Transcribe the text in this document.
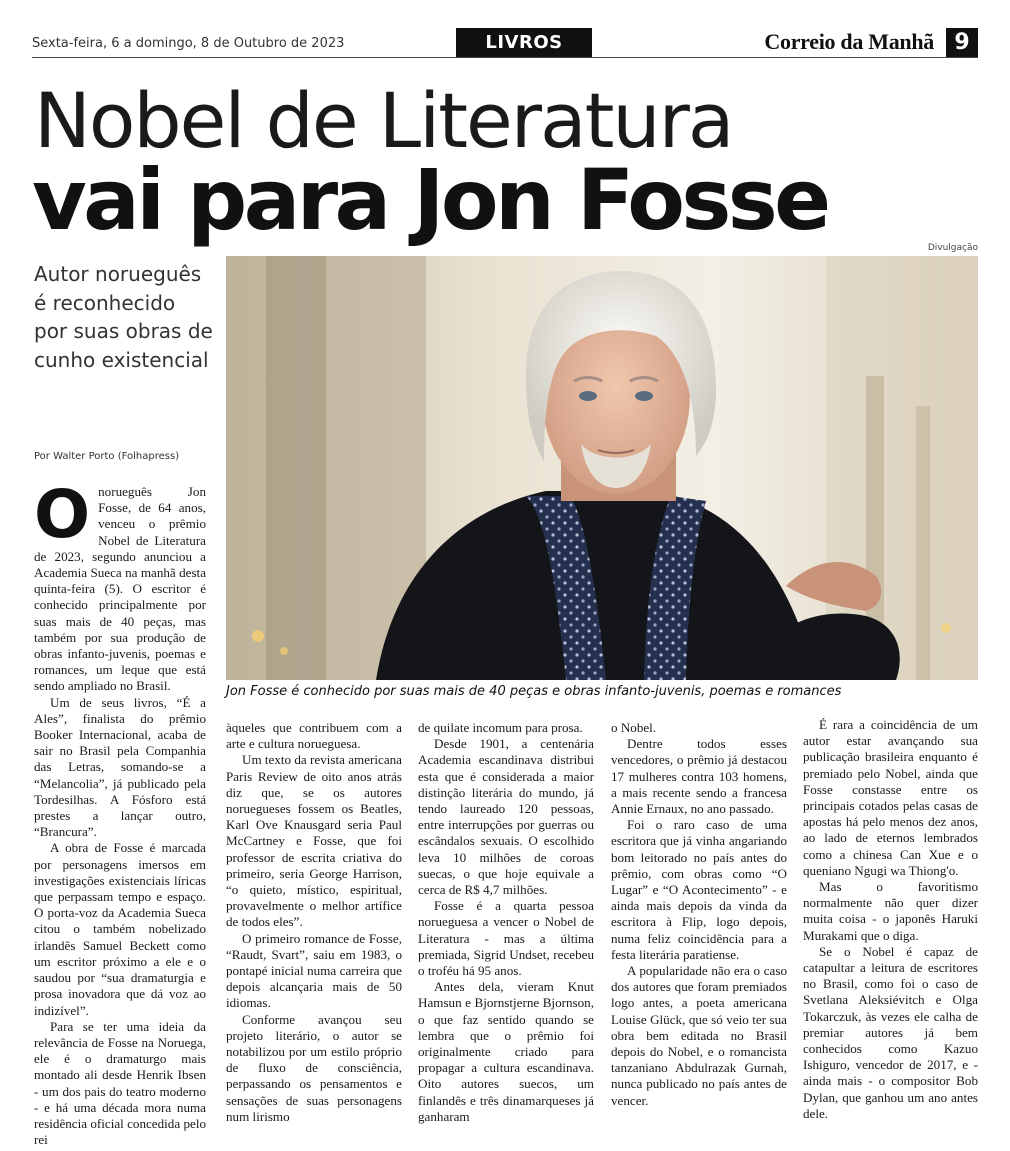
Sexta-feira, 6 a domingo, 8 de Outubro de 2023	LIVROS	Correio da Manhã 9
Nobel de Literatura
vai para Jon Fosse	Divulgação
Jon Fosse é conhecido por suas mais de 40 peças e obras infanto-juvenis, poemas e romances
Autor norueguês é reconhecido por suas obras de cunho existencial
Por Walter Porto (Folhapress)
O norueguês Jon Fosse, de 64 anos, venceu o prêmio Nobel de Literatura de 2023, segundo anunciou a Academia Sueca na manhã desta quinta-feira (5). O escritor é conhecido principalmente por suas mais de 40 peças, mas também por sua produção de obras infanto-juvenis, poemas e romances, um leque que está sendo ampliado no Brasil.

Um de seus livros, “É a Ales”, finalista do prêmio Booker Internacional, acaba de sair no Brasil pela Companhia das Letras, somando-se a “Melancolia”, já publicado pela Tordesilhas. A Fósforo está prestes a lançar outro, “Brancura”.

A obra de Fosse é marcada por personagens imersos em investigações existenciais líricas que perpassam tempo e espaço. O porta-voz da Academia Sueca citou o também nobelizado irlandês Samuel Beckett como um escritor próximo a ele e o saudou por “sua dramaturgia e prosa inovadora que dá voz ao indizível”.

Para se ter uma ideia da relevância de Fosse na Noruega, ele é o dramaturgo mais montado ali desde Henrik Ibsen - um dos pais do teatro moderno - e há uma década mora numa residência oficial concedida pelo rei

àqueles que contribuem com a arte e cultura norueguesa.

Um texto da revista americana Paris Review de oito anos atrás diz que, se os autores noruegueses fossem os Beatles, Karl Ove Knausgard seria Paul McCartney e Fosse, que foi professor de escrita criativa do primeiro, seria George Harrison, “o quieto, místico, espiritual, provavelmente o melhor artífice de todos eles”.

O primeiro romance de Fosse, “Raudt, Svart”, saiu em 1983, o pontapé inicial numa carreira que depois alcançaria mais de 50 idiomas.

Conforme avançou seu projeto literário, o autor se notabilizou por um estilo próprio de fluxo de consciência, perpassando os pensamentos e sensações de suas personagens num lirismo

de quilate incomum para prosa.

Desde 1901, a centenária Academia escandinava distribui esta que é considerada a maior distinção literária do mundo, já tendo laureado 120 pessoas, entre interrupções por guerras ou escândalos sexuais. O escolhido leva 10 milhões de coroas suecas, o que hoje equivale a cerca de R$ 4,7 milhões.

Fosse é a quarta pessoa norueguesa a vencer o Nobel de Literatura - mas a última premiada, Sigrid Undset, recebeu o troféu há 95 anos.

Antes dela, vieram Knut Hamsun e Bjornstjerne Bjornson, o que faz sentido quando se lembra que o prêmio foi originalmente criado para propagar a cultura escandinava. Oito autores suecos, um finlandês e três dinamarqueses já ganharam

o Nobel.

Dentre todos esses vencedores, o prêmio já destacou 17 mulheres contra 103 homens, a mais recente sendo a francesa Annie Ernaux, no ano passado.

Foi o raro caso de uma escritora que já vinha angariando bom leitorado no país antes do prêmio, com obras como “O Lugar” e “O Acontecimento” - e ainda mais depois da vinda da escritora à Flip, logo depois, numa feliz coincidência para a festa literária paratiense.

A popularidade não era o caso dos autores que foram premiados logo antes, a poeta americana Louise Glück, que só veio ter sua obra bem editada no Brasil depois do Nobel, e o romancista tanzaniano Abdulrazak Gurnah, nunca publicado no país antes de vencer.

É rara a coincidência de um autor estar avançando sua publicação brasileira enquanto é premiado pelo Nobel, ainda que Fosse constasse entre os principais cotados pelas casas de apostas há pelo menos dez anos, ao lado de eternos lembrados como a chinesa Can Xue e o queniano Ngugi wa Thiong'o.

Mas o favoritismo normalmente não quer dizer muita coisa - o japonês Haruki Murakami que o diga.

Se o Nobel é capaz de catapultar a leitura de escritores no Brasil, como foi o caso de Svetlana Aleksiévitch e Olga Tokarczuk, às vezes ele calha de premiar autores já bem conhecidos como Kazuo Ishiguro, vencedor de 2017, e - ainda mais - o compositor Bob Dylan, que ganhou um ano antes dele.
